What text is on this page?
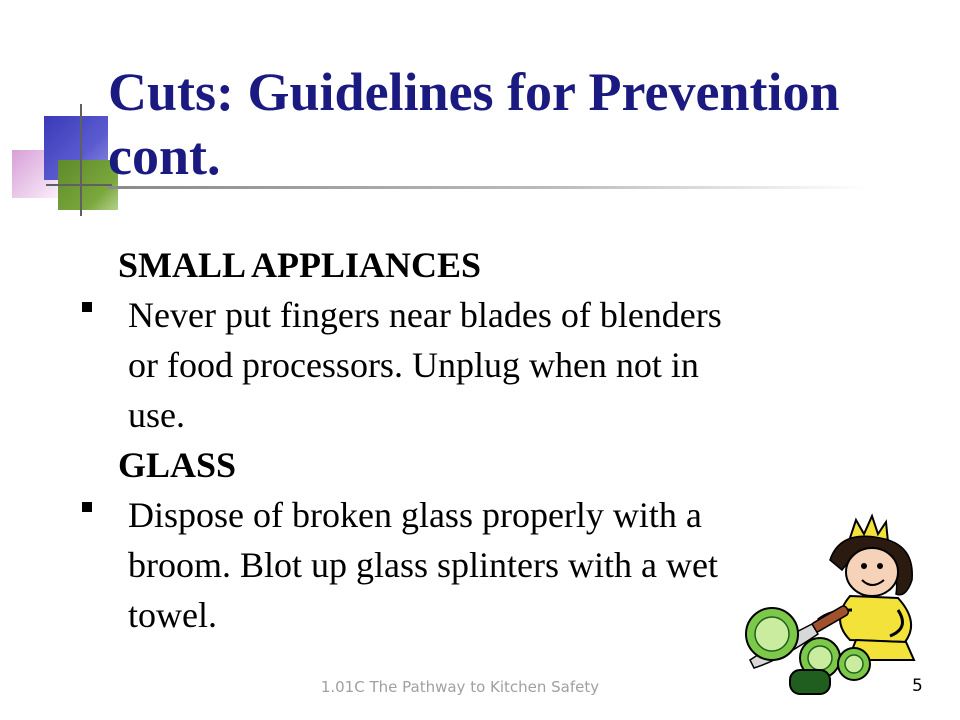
Cuts: Guidelines for Prevention
cont.
SMALL APPLIANCES
Never put fingers near blades of blenders
or food processors. Unplug when not in
use.
GLASS
Dispose of broken glass properly with a
broom. Blot up glass splinters with a wet
towel.
1.01C The Pathway to Kitchen Safety	5
